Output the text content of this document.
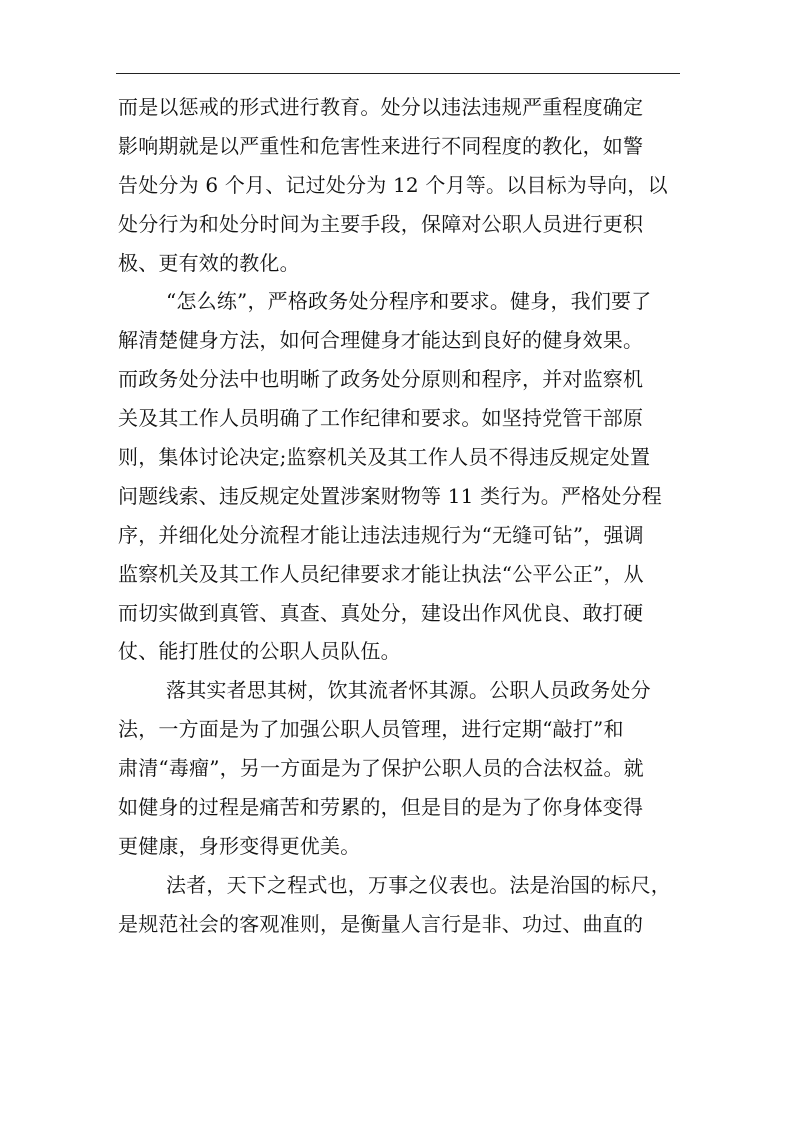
而是以惩戒的形式进行教育。处分以违法违规严重程度确定
影响期就是以严重性和危害性来进行不同程度的教化，如警
告处分为 6 个月、记过处分为 12 个月等。以目标为导向，以
处分行为和处分时间为主要手段，保障对公职人员进行更积
极、更有效的教化。
“怎么练”，严格政务处分程序和要求。健身，我们要了
解清楚健身方法，如何合理健身才能达到良好的健身效果。
而政务处分法中也明晰了政务处分原则和程序，并对监察机
关及其工作人员明确了工作纪律和要求。如坚持党管干部原
则，集体讨论决定;监察机关及其工作人员不得违反规定处置
问题线索、违反规定处置涉案财物等 11 类行为。严格处分程
序，并细化处分流程才能让违法违规行为“无缝可钻”，强调
监察机关及其工作人员纪律要求才能让执法“公平公正”，从
而切实做到真管、真查、真处分，建设出作风优良、敢打硬
仗、能打胜仗的公职人员队伍。
落其实者思其树，饮其流者怀其源。公职人员政务处分
法，一方面是为了加强公职人员管理，进行定期“敲打”和
肃清“毒瘤”，另一方面是为了保护公职人员的合法权益。就
如健身的过程是痛苦和劳累的，但是目的是为了你身体变得
更健康，身形变得更优美。
法者，天下之程式也，万事之仪表也。法是治国的标尺，
是规范社会的客观准则，是衡量人言行是非、功过、曲直的
